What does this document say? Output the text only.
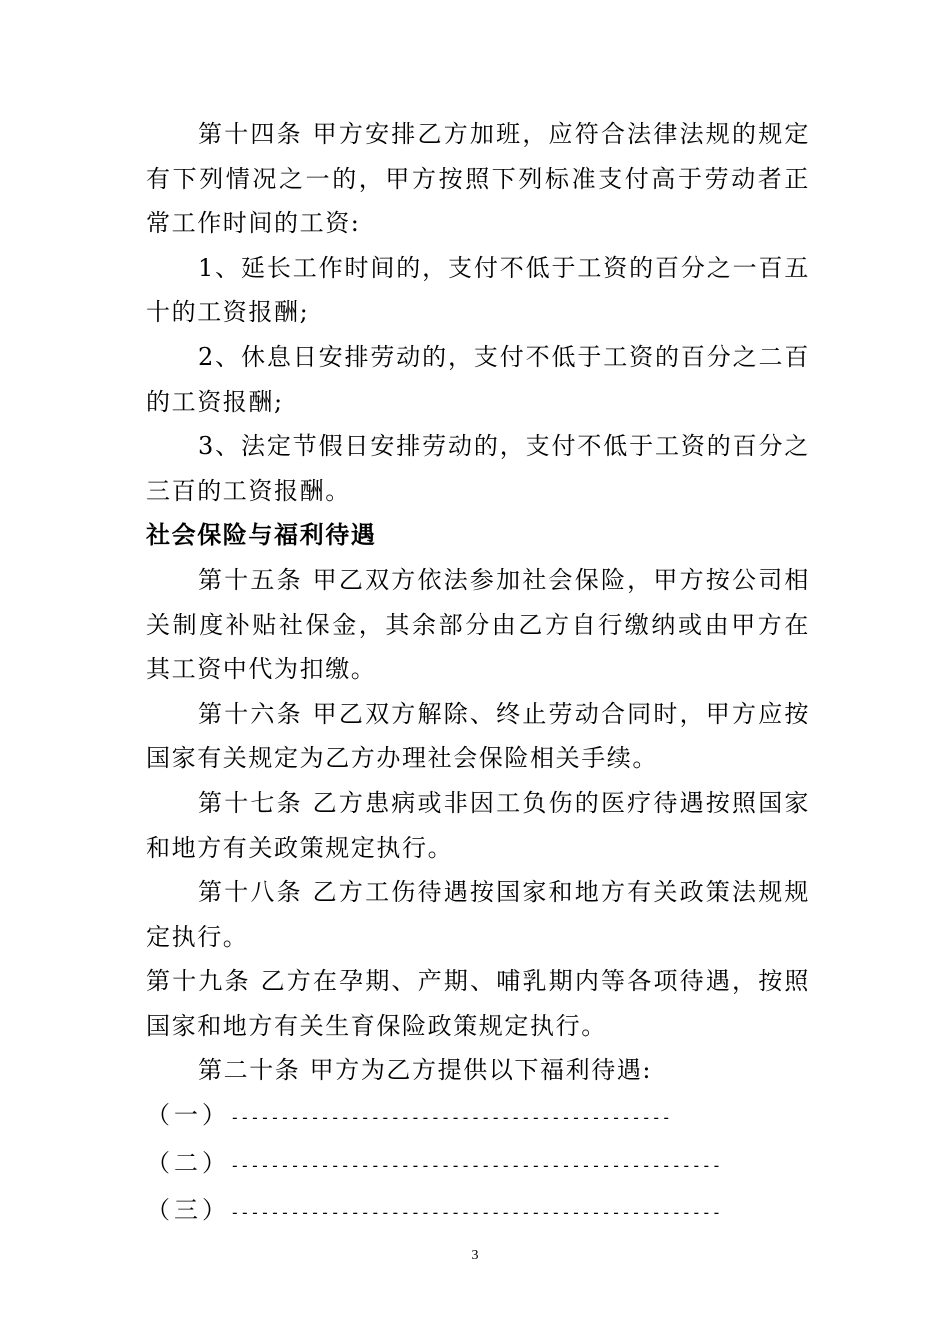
第十四条 甲方安排乙方加班，应符合法律法规的规定有下列情况之一的，甲方按照下列标准支付高于劳动者正常工作时间的工资:

1、延长工作时间的，支付不低于工资的百分之一百五十的工资报酬;

2、休息日安排劳动的，支付不低于工资的百分之二百的工资报酬;

3、法定节假日安排劳动的，支付不低于工资的百分之三百的工资报酬。

社会保险与福利待遇

第十五条 甲乙双方依法参加社会保险，甲方按公司相关制度补贴社保金，其余部分由乙方自行缴纳或由甲方在其工资中代为扣缴。

第十六条 甲乙双方解除、终止劳动合同时，甲方应按国家有关规定为乙方办理社会保险相关手续。

第十七条 乙方患病或非因工负伤的医疗待遇按照国家和地方有关政策规定执行。

第十八条 乙方工伤待遇按国家和地方有关政策法规规定执行。

第十九条 乙方在孕期、产期、哺乳期内等各项待遇，按照国家和地方有关生育保险政策规定执行。

第二十条 甲方为乙方提供以下福利待遇:

（一）--------------------------------------------
（二）-------------------------------------------------
（三）-------------------------------------------------
3
